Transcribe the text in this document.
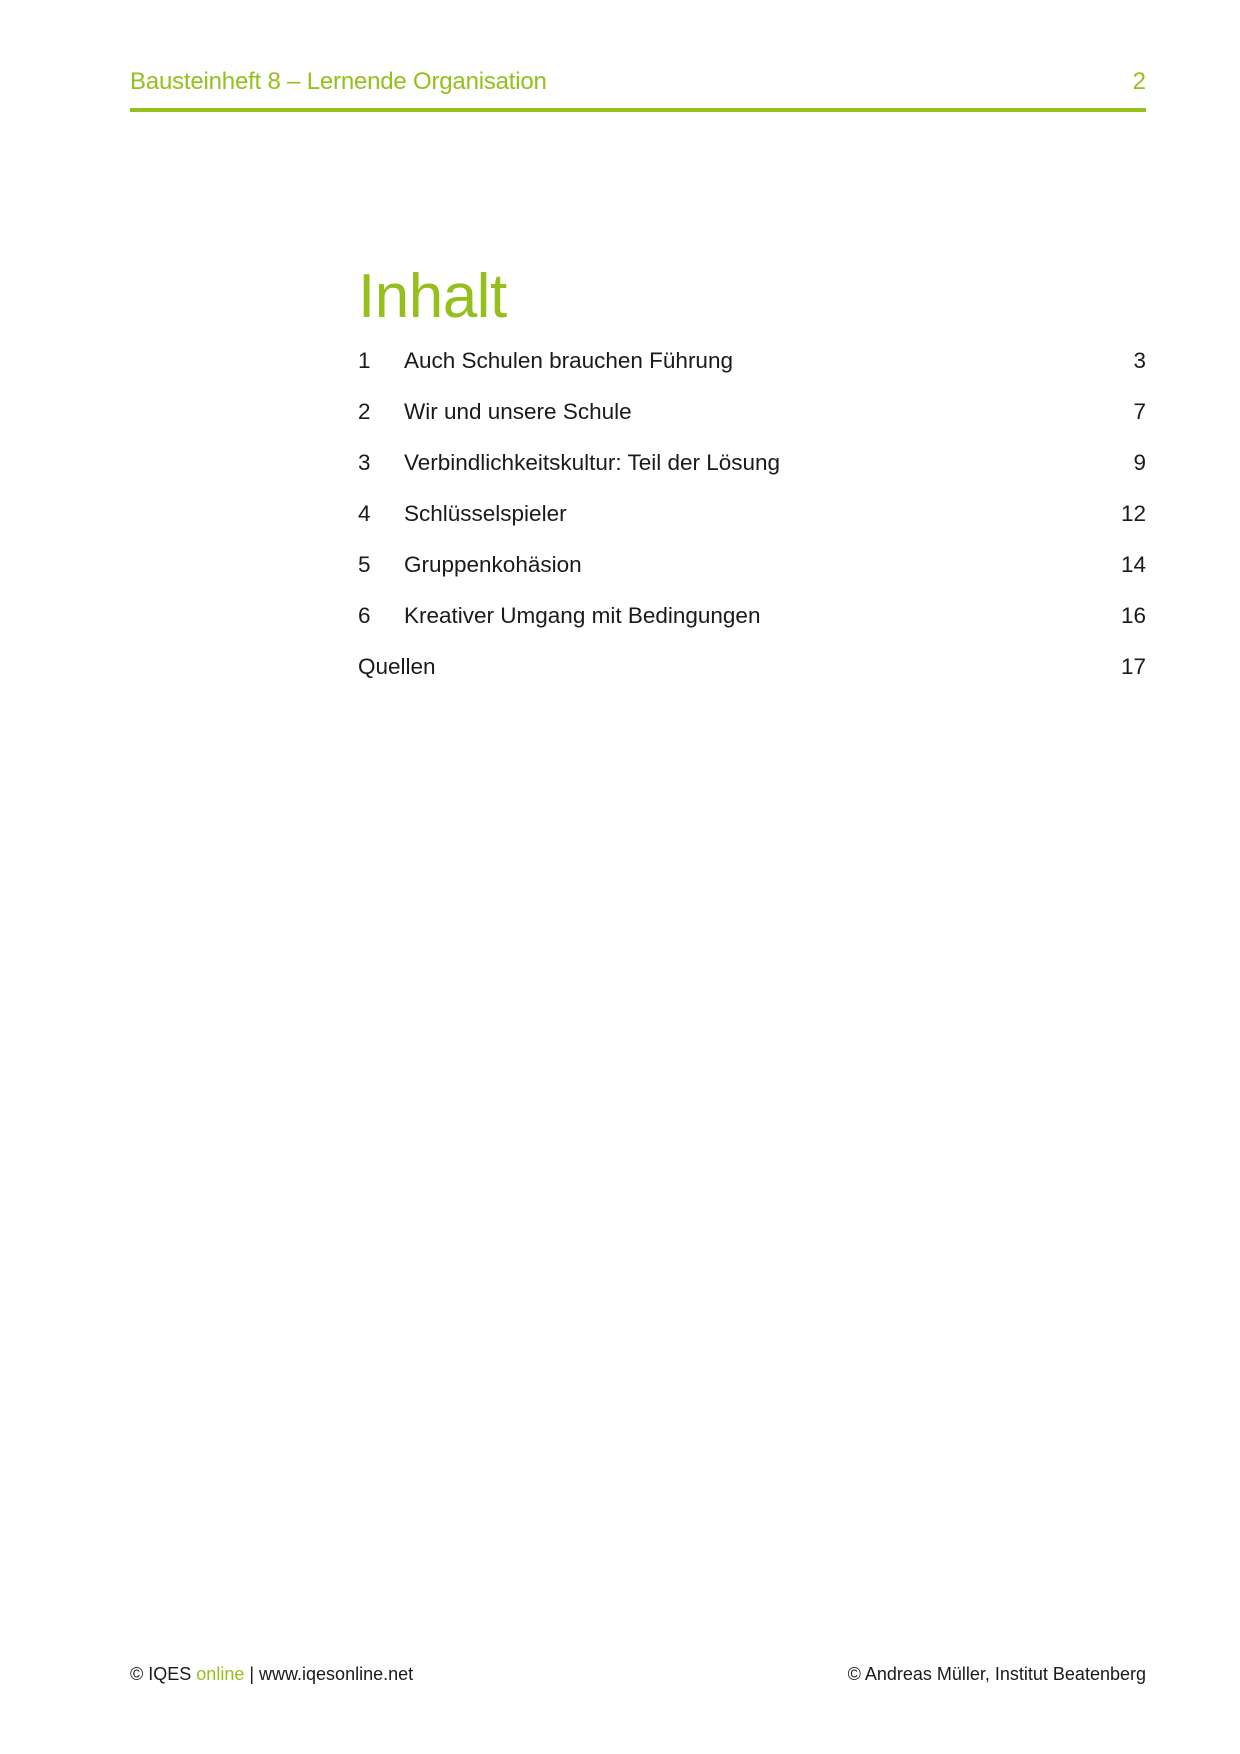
Bausteinheft 8 – Lernende Organisation	2
Inhalt
1 Auch Schulen brauchen Führung	3
2 Wir und unsere Schule	7
3 Verbindlichkeitskultur: Teil der Lösung	9
4 Schlüsselspieler	12
5 Gruppenkohäsion	14
6 Kreativer Umgang mit Bedingungen	16
Quellen	17
© IQES online | www.iqesonline.net	© Andreas Müller, Institut Beatenberg
